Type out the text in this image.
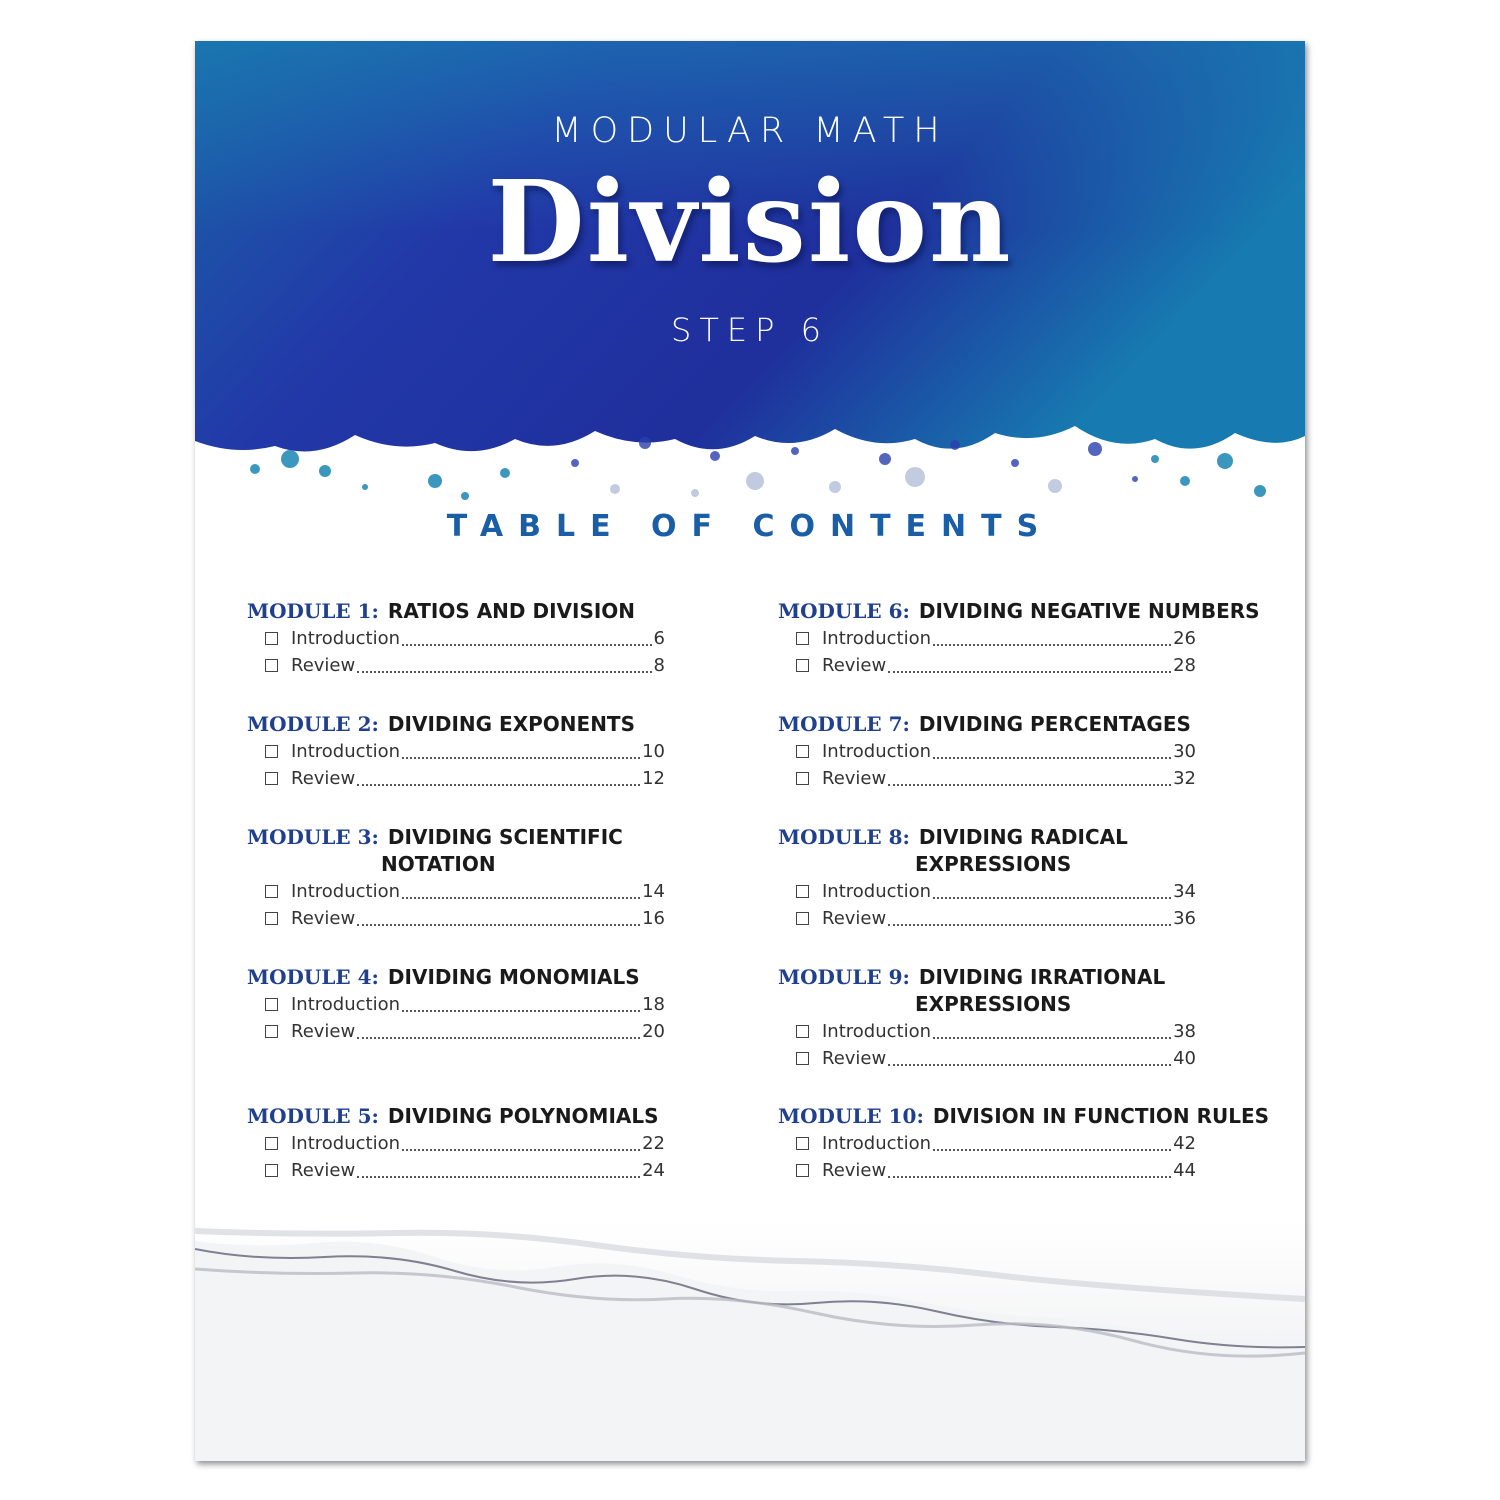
MODULAR MATH
Division
STEP 6
TABLE OF CONTENTS
MODULE 1: RATIOS AND DIVISION
Introduction	6
Review	8
MODULE 2: DIVIDING EXPONENTS
Introduction	10
Review	12
MODULE 3: DIVIDING SCIENTIFIC
NOTATION
Introduction	14
Review	16
MODULE 4: DIVIDING MONOMIALS
Introduction	18
Review	20
MODULE 5: DIVIDING POLYNOMIALS
Introduction	22
Review	24
MODULE 6: DIVIDING NEGATIVE NUMBERS
Introduction	26
Review	28
MODULE 7: DIVIDING PERCENTAGES
Introduction	30
Review	32
MODULE 8: DIVIDING RADICAL
EXPRESSIONS
Introduction	34
Review	36
MODULE 9: DIVIDING IRRATIONAL
EXPRESSIONS
Introduction	38
Review	40
MODULE 10: DIVISION IN FUNCTION RULES
Introduction	42
Review	44
